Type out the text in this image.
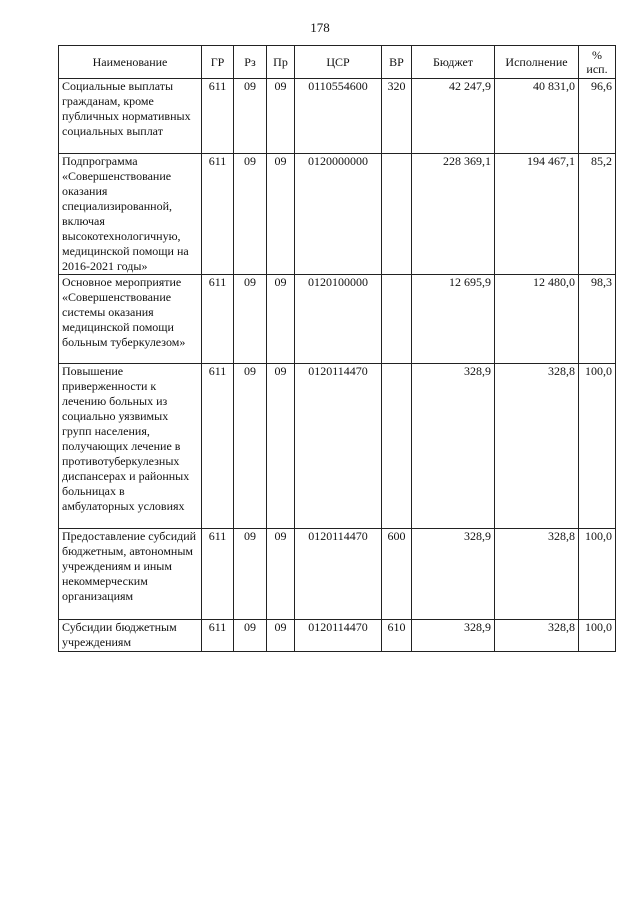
178
Наименование	ГР	Рз	Пр	ЦСР	ВР	Бюджет	Исполнение	%
исп.

Социальные выплаты гражданам, кроме публичных нормативных социальных выплат	611	09	09	0110554600	320	42 247,9	40 831,0	96,6
Подпрограмма «Совершенствование оказания специализированной, включая высокотехнологичную, медицинской помощи на 2016-2021 годы»	611	09	09	0120000000		228 369,1	194 467,1	85,2
Основное мероприятие «Совершенствование системы оказания медицинской помощи больным туберкулезом»	611	09	09	0120100000		12 695,9	12 480,0	98,3
Повышение приверженности к лечению больных из социально уязвимых групп населения, получающих лечение в противотуберкулезных диспансерах и районных больницах в амбулаторных условиях	611	09	09	0120114470		328,9	328,8	100,0
Предоставление субсидий бюджетным, автономным учреждениям и иным некоммерческим организациям	611	09	09	0120114470	600	328,9	328,8	100,0
Субсидии бюджетным учреждениям	611	09	09	0120114470	610	328,9	328,8	100,0
